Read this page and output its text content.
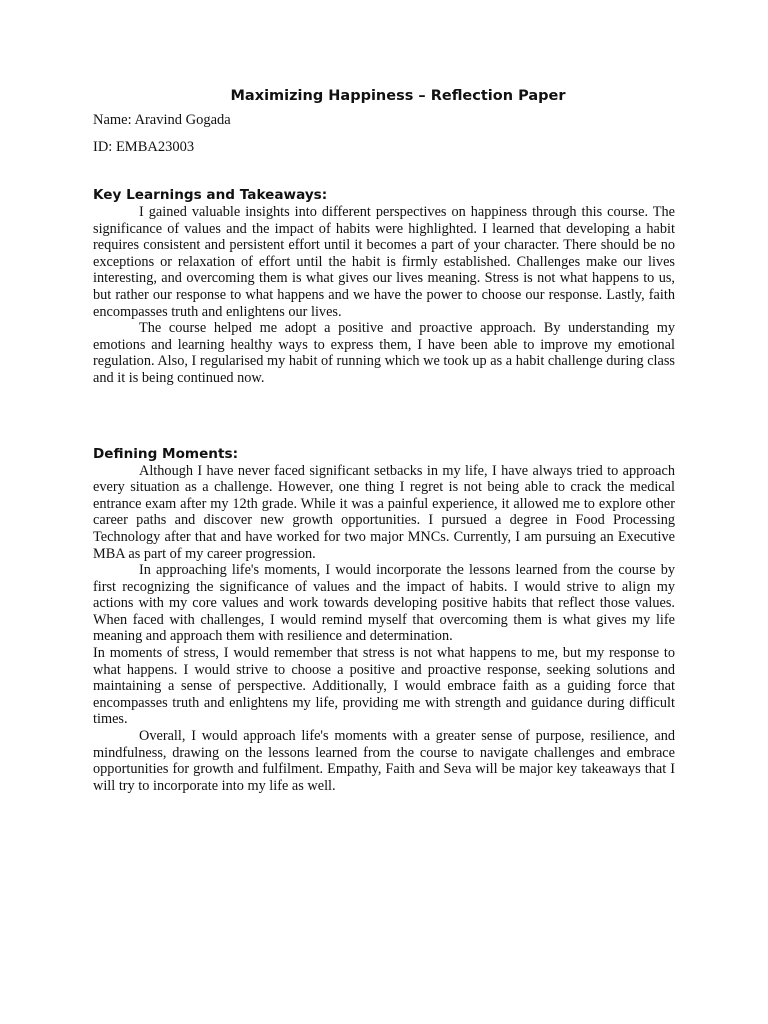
Maximizing Happiness – Reflection Paper
Name: Aravind Gogada
ID: EMBA23003
Key Learnings and Takeaways:

I gained valuable insights into different perspectives on happiness through this course. The significance of values and the impact of habits were highlighted. I learned that developing a habit requires consistent and persistent effort until it becomes a part of your character. There should be no exceptions or relaxation of effort until the habit is firmly established. Challenges make our lives interesting, and overcoming them is what gives our lives meaning. Stress is not what happens to us, but rather our response to what happens and we have the power to choose our response. Lastly, faith encompasses truth and enlightens our lives.

The course helped me adopt a positive and proactive approach. By understanding my emotions and learning healthy ways to express them, I have been able to improve my emotional regulation. Also, I regularised my habit of running which we took up as a habit challenge during class and it is being continued now.

Defining Moments:

Although I have never faced significant setbacks in my life, I have always tried to approach every situation as a challenge. However, one thing I regret is not being able to crack the medical entrance exam after my 12th grade. While it was a painful experience, it allowed me to explore other career paths and discover new growth opportunities. I pursued a degree in Food Processing Technology after that and have worked for two major MNCs. Currently, I am pursuing an Executive MBA as part of my career progression.

In approaching life's moments, I would incorporate the lessons learned from the course by first recognizing the significance of values and the impact of habits. I would strive to align my actions with my core values and work towards developing positive habits that reflect those values. When faced with challenges, I would remind myself that overcoming them is what gives my life meaning and approach them with resilience and determination.

In moments of stress, I would remember that stress is not what happens to me, but my response to what happens. I would strive to choose a positive and proactive response, seeking solutions and maintaining a sense of perspective. Additionally, I would embrace faith as a guiding force that encompasses truth and enlightens my life, providing me with strength and guidance during difficult times.

Overall, I would approach life's moments with a greater sense of purpose, resilience, and mindfulness, drawing on the lessons learned from the course to navigate challenges and embrace opportunities for growth and fulfilment. Empathy, Faith and Seva will be major key takeaways that I will try to incorporate into my life as well.
